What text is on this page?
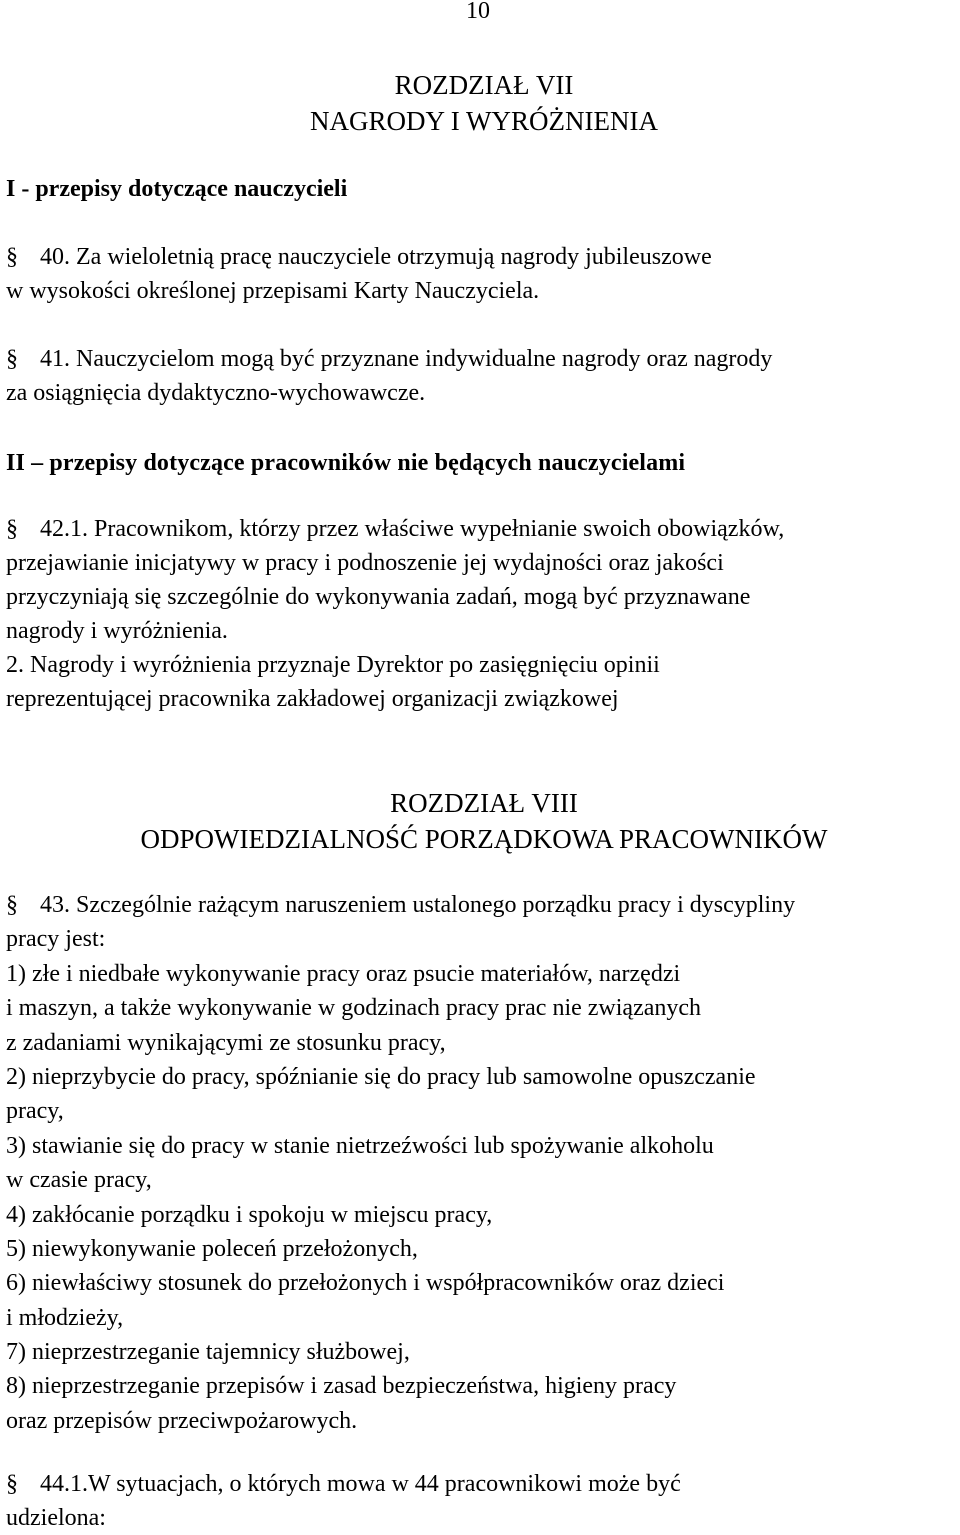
10
ROZDZIAŁ VII
NAGRODY I WYRÓŻNIENIA
I - przepisy dotyczące nauczycieli
§ 40. Za wieloletnią pracę nauczyciele otrzymują nagrody jubileuszowe
w wysokości określonej przepisami Karty Nauczyciela.
§ 41. Nauczycielom mogą być przyznane indywidualne nagrody oraz nagrody
za osiągnięcia dydaktyczno-wychowawcze.
II – przepisy dotyczące pracowników nie będących nauczycielami
§ 42.1. Pracownikom, którzy przez właściwe wypełnianie swoich obowiązków,
przejawianie inicjatywy w pracy i podnoszenie jej wydajności oraz jakości
przyczyniają się szczególnie do wykonywania zadań, mogą być przyznawane
nagrody i wyróżnienia.
2. Nagrody i wyróżnienia przyznaje Dyrektor po zasięgnięciu opinii
reprezentującej pracownika zakładowej organizacji związkowej
ROZDZIAŁ VIII
ODPOWIEDZIALNOŚĆ PORZĄDKOWA PRACOWNIKÓW
§ 43. Szczególnie rażącym naruszeniem ustalonego porządku pracy i dyscypliny
pracy jest:
1) złe i niedbałe wykonywanie pracy oraz psucie materiałów, narzędzi
i maszyn, a także wykonywanie w godzinach pracy prac nie związanych
z zadaniami wynikającymi ze stosunku pracy,
2) nieprzybycie do pracy, spóźnianie się do pracy lub samowolne opuszczanie
pracy,
3) stawianie się do pracy w stanie nietrzeźwości lub spożywanie alkoholu
w czasie pracy,
4) zakłócanie porządku i spokoju w miejscu pracy,
5) niewykonywanie poleceń przełożonych,
6) niewłaściwy stosunek do przełożonych i współpracowników oraz dzieci
i młodzieży,
7) nieprzestrzeganie tajemnicy służbowej,
8) nieprzestrzeganie przepisów i zasad bezpieczeństwa, higieny pracy
oraz przepisów przeciwpożarowych.
§ 44.1.W sytuacjach, o których mowa w 44 pracownikowi może być
udzielona:
